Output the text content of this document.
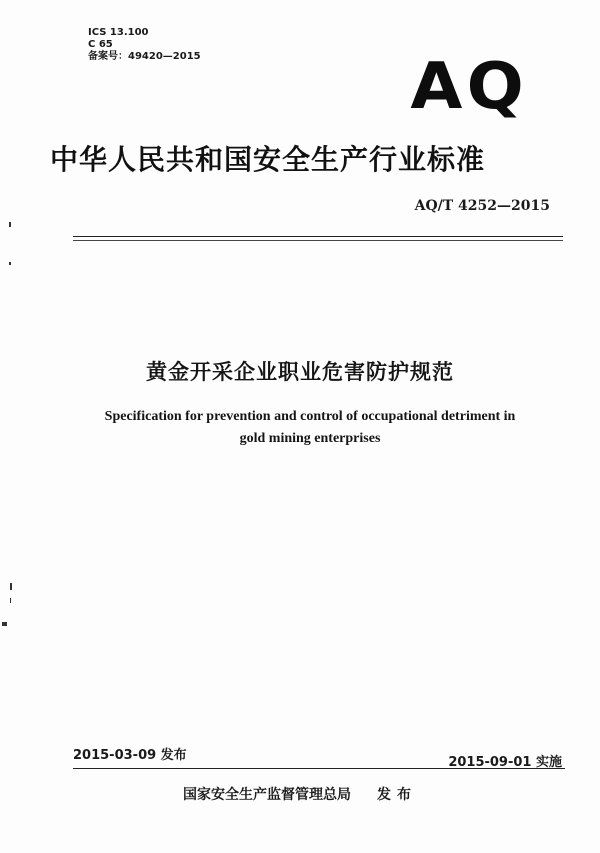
ICS 13.100
C 65
备案号：49420—2015	AQ
中华人民共和国安全生产行业标准
AQ/T 4252—2015
黄金开采企业职业危害防护规范
Specification for prevention and control of occupational detriment in
gold mining enterprises
2015-03-09 发布	2015-09-01 实施
国家安全生产监督管理总局 发布
